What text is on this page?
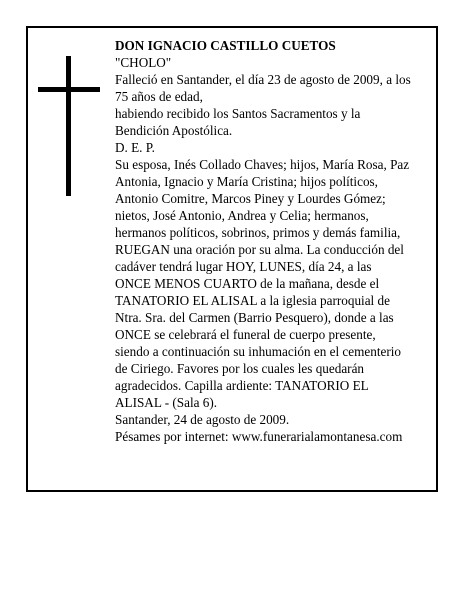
DON IGNACIO CASTILLO CUETOS
"CHOLO"
Falleció en Santander, el día 23 de agosto de 2009, a los
75 años de edad,
habiendo recibido los Santos Sacramentos y la
Bendición Apostólica.
D. E. P.
Su esposa, Inés Collado Chaves; hijos, María Rosa, Paz
Antonia, Ignacio y María Cristina; hijos políticos,
Antonio Comitre, Marcos Piney y Lourdes Gómez;
nietos, José Antonio, Andrea y Celia; hermanos,
hermanos políticos, sobrinos, primos y demás familia,
RUEGAN una oración por su alma. La conducción del
cadáver tendrá lugar HOY, LUNES, día 24, a las
ONCE MENOS CUARTO de la mañana, desde el
TANATORIO EL ALISAL a la iglesia parroquial de
Ntra. Sra. del Carmen (Barrio Pesquero), donde a las
ONCE se celebrará el funeral de cuerpo presente,
siendo a continuación su inhumación en el cementerio
de Ciriego. Favores por los cuales les quedarán
agradecidos. Capilla ardiente: TANATORIO EL
ALISAL - (Sala 6).
Santander, 24 de agosto de 2009.
Pésames por internet: www.funerarialamontanesa.com
